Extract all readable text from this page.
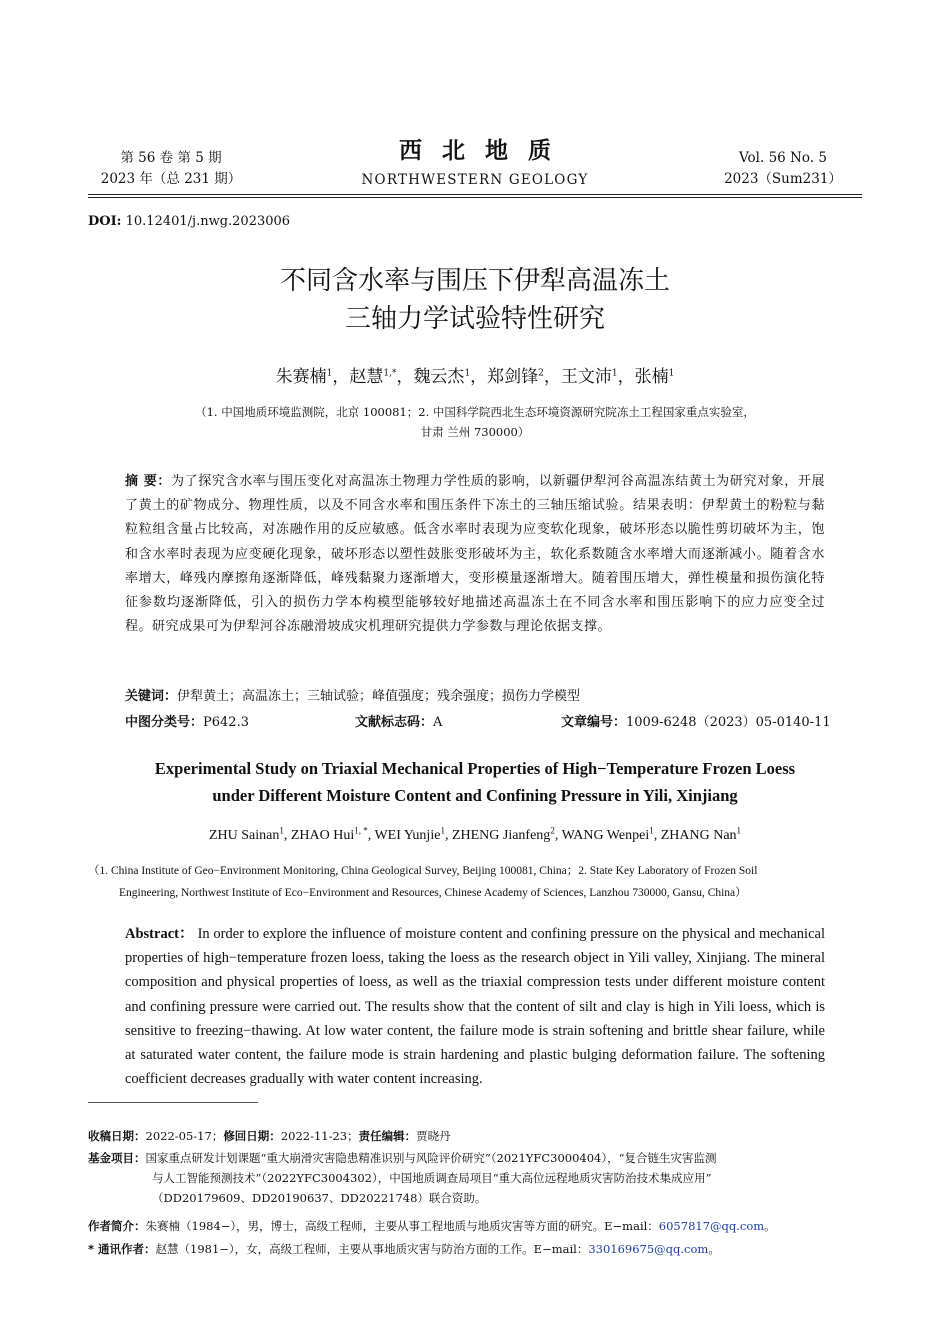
第 56 卷 第 5 期
2023 年（总 231 期）
西北地质
NORTHWESTERN GEOLOGY
Vol. 56 No. 5
2023（Sum231）
DOI: 10.12401/j.nwg.2023006
不同含水率与围压下伊犁高温冻土
三轴力学试验特性研究
朱赛楠$^1$，赵慧$^{1,*}$，魏云杰$^1$，郑剑锋$^2$，王文沛$^1$，张楠$^1$
（1. 中国地质环境监测院，北京 100081；2. 中国科学院西北生态环境资源研究院冻土工程国家重点实验室，
甘肃 兰州 730000）
摘 要：为了探究含水率与围压变化对高温冻土物理力学性质的影响，以新疆伊犁河谷高温冻结黄土为研究对象，开展了黄土的矿物成分、物理性质，以及不同含水率和围压条件下冻土的三轴压缩试验。结果表明：伊犁黄土的粉粒与黏粒粒组含量占比较高，对冻融作用的反应敏感。低含水率时表现为应变软化现象，破坏形态以脆性剪切破坏为主，饱和含水率时表现为应变硬化现象，破坏形态以塑性鼓胀变形破坏为主，软化系数随含水率增大而逐渐减小。随着含水率增大，峰残内摩擦角逐渐降低，峰残黏聚力逐渐增大，变形模量逐渐增大。随着围压增大，弹性模量和损伤演化特征参数均逐渐降低，引入的损伤力学本构模型能够较好地描述高温冻土在不同含水率和围压影响下的应力应变全过程。研究成果可为伊犁河谷冻融滑坡成灾机理研究提供力学参数与理论依据支撑。
关键词：伊犁黄土；高温冻土；三轴试验；峰值强度；残余强度；损伤力学模型
中图分类号：P642.3	文献标志码：A	文章编号：1009-6248（2023）05-0140-11
Experimental Study on Triaxial Mechanical Properties of High−Temperature Frozen Loess
under Different Moisture Content and Confining Pressure in Yili, Xinjiang
ZHU Sainan$^1$, ZHAO Hui$^{1, *}$, WEI Yunjie$^1$, ZHENG Jianfeng$^2$, WANG Wenpei$^1$, ZHANG Nan$^1$
（1. China Institute of Geo−Environment Monitoring, China Geological Survey, Beijing 100081, China；2. State Key Laboratory of Frozen Soil
Engineering, Northwest Institute of Eco−Environment and Resources, Chinese Academy of Sciences, Lanzhou 730000, Gansu, China）
Abstract： In order to explore the influence of moisture content and confining pressure on the physical and mechanical properties of high−temperature frozen loess, taking the loess as the research object in Yili valley, Xinjiang. The mineral composition and physical properties of loess, as well as the triaxial compression tests under different moisture content and confining pressure were carried out. The results show that the content of silt and clay is high in Yili loess, which is sensitive to freezing−thawing. At low water content, the failure mode is strain softening and brittle shear failure, while at saturated water content, the failure mode is strain hardening and plastic bulging deformation failure. The softening coefficient decreases gradually with water content increasing.
收稿日期：2022-05-17；修回日期：2022-11-23；责任编辑：贾晓丹
基金项目：国家重点研发计划课题“重大崩滑灾害隐患精准识别与风险评价研究”（2021YFC3000404），“复合链生灾害监测
与人工智能预测技术”（2022YFC3004302），中国地质调查局项目“重大高位远程地质灾害防治技术集成应用”
（DD20179609、DD20190637、DD20221748）联合资助。
作者简介：朱赛楠（1984−），男，博士，高级工程师，主要从事工程地质与地质灾害等方面的研究。E−mail：6057817@qq.com。
* 通讯作者：赵慧（1981−），女，高级工程师，主要从事地质灾害与防治方面的工作。E−mail：330169675@qq.com。
